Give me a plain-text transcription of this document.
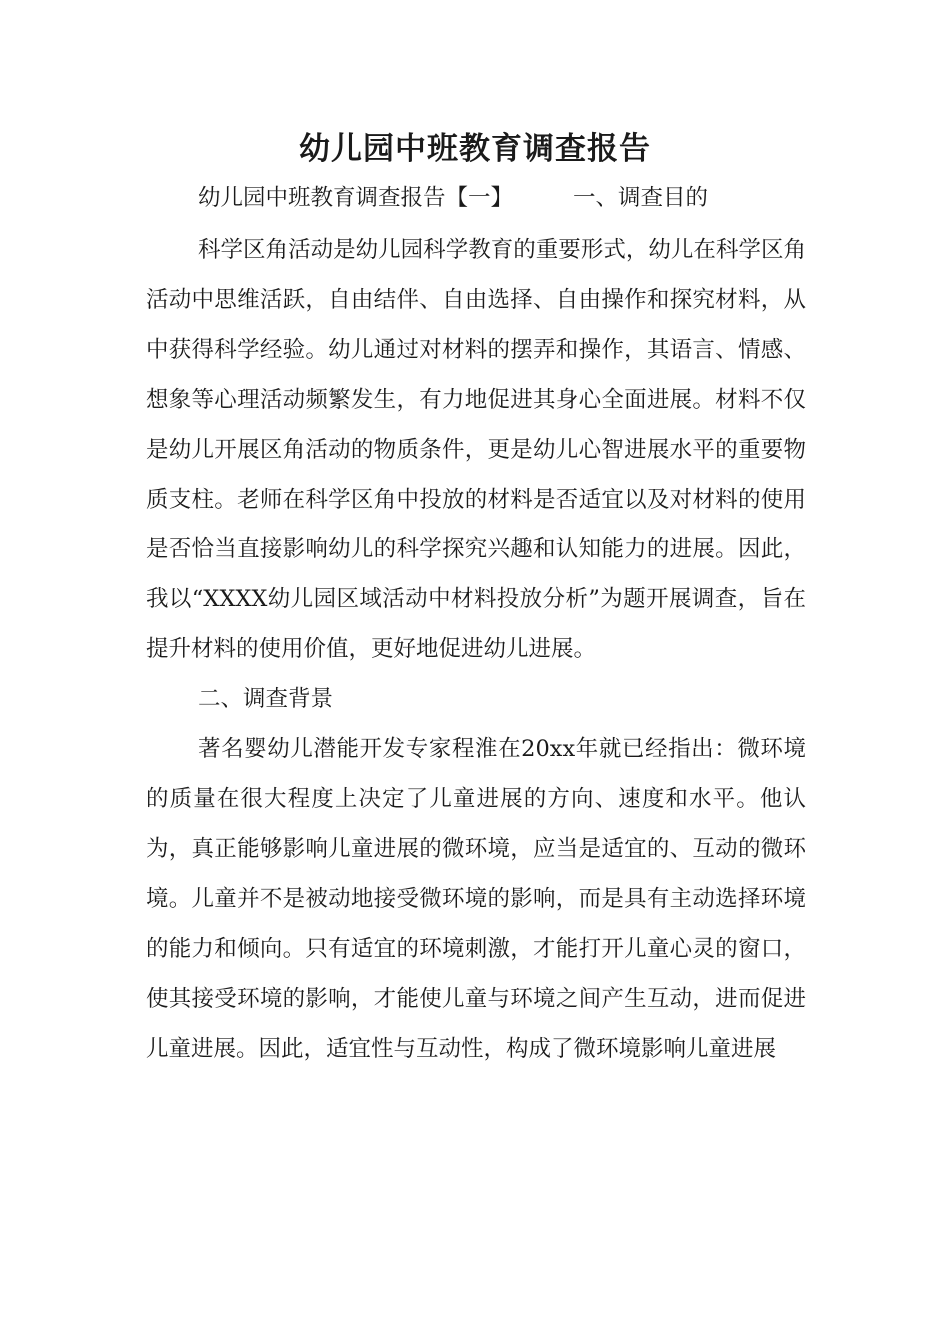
幼儿园中班教育调查报告
幼儿园中班教育调查报告【一】	一、调查目的

科学区角活动是幼儿园科学教育的重要形式，幼儿在科学区角活动中思维活跃，自由结伴、自由选择、自由操作和探究材料，从中获得科学经验。幼儿通过对材料的摆弄和操作，其语言、情感、想象等心理活动频繁发生，有力地促进其身心全面进展。材料不仅是幼儿开展区角活动的物质条件，更是幼儿心智进展水平的重要物质支柱。老师在科学区角中投放的材料是否适宜以及对材料的使用是否恰当直接影响幼儿的科学探究兴趣和认知能力的进展。因此，我以“XXXX幼儿园区域活动中材料投放分析”为题开展调查，旨在提升材料的使用价值，更好地促进幼儿进展。

二、调查背景

著名婴幼儿潜能开发专家程淮在20xx年就已经指出：微环境的质量在很大程度上决定了儿童进展的方向、速度和水平。他认为，真正能够影响儿童进展的微环境，应当是适宜的、互动的微环境。儿童并不是被动地接受微环境的影响，而是具有主动选择环境的能力和倾向。只有适宜的环境刺激，才能打开儿童心灵的窗口，使其接受环境的影响，才能使儿童与环境之间产生互动，进而促进儿童进展。因此，适宜性与互动性，构成了微环境影响儿童进展
